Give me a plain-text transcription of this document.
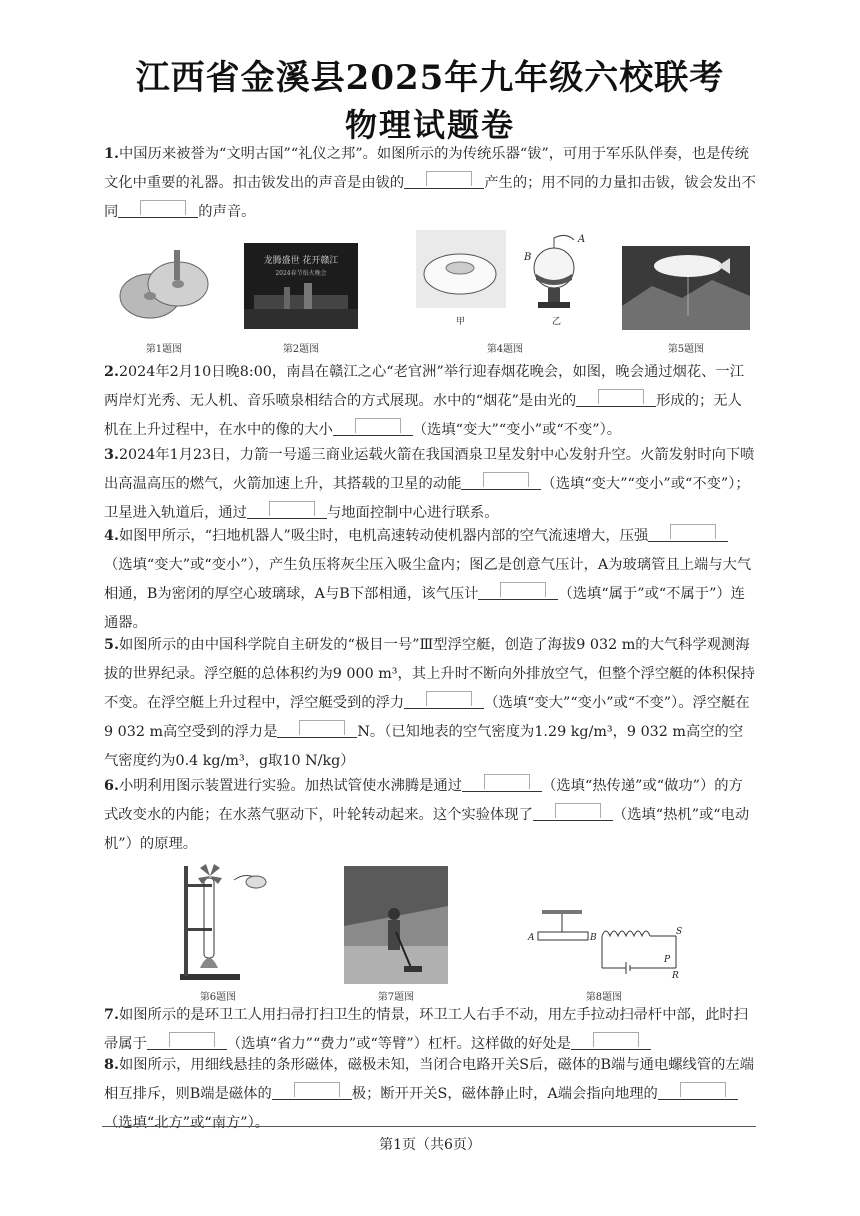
江西省金溪县2025年九年级六校联考
物理试题卷
1.中国历来被誉为“文明古国”“礼仪之邦”。如图所示的为传统乐器“钹”，可用于军乐队伴奏，也是传统文化中重要的礼器。扣击钹发出的声音是由钹的	产生的；用不同的力量扣击钹，钹会发出不同	的声音。
第1题图
龙腾盛世 花开赣江
2024春节焰火晚会
第2题图
B
A
甲	乙
第4题图	第5题图
2.2024年2月10日晚8:00，南昌在赣江之心“老官洲”举行迎春烟花晚会，如图，晚会通过烟花、一江两岸灯光秀、无人机、音乐喷泉相结合的方式展现。水中的“烟花”是由光的	形成的；无人机在上升过程中，在水中的像的大小	（选填“变大”“变小”或“不变”）。
3.2024年1月23日，力箭一号遥三商业运载火箭在我国酒泉卫星发射中心发射升空。火箭发射时向下喷出高温高压的燃气，火箭加速上升，其搭载的卫星的动能	（选填“变大”“变小”或“不变”）；卫星进入轨道后，通过	与地面控制中心进行联系。
4.如图甲所示，“扫地机器人”吸尘时，电机高速转动使机器内部的空气流速增大，压强（选填“变大”或“变小”），产生负压将灰尘压入吸尘盒内；图乙是创意气压计，A为玻璃管且上端与大气相通，B为密闭的厚空心玻璃球，A与B下部相通，该气压计	（选填“属于”或“不属于”）连通器。
5.如图所示的由中国科学院自主研发的“极目一号”Ⅲ型浮空艇，创造了海拔9 032 m的大气科学观测海拔的世界纪录。浮空艇的总体积约为9 000 m³，其上升时不断向外排放空气，但整个浮空艇的体积保持不变。在浮空艇上升过程中，浮空艇受到的浮力	（选填“变大”“变小”或“不变”）。浮空艇在9 032 m高空受到的浮力是	N。（已知地表的空气密度为1.29 kg/m³，9 032 m高空的空气密度约为0.4 kg/m³，g取10 N/kg）
6.小明利用图示装置进行实验。加热试管使水沸腾是通过	（选填“热传递”或“做功”）的方式改变水的内能；在水蒸气驱动下，叶轮转动起来。这个实验体现了	（选填“热机”或“电动机”）的原理。
第6题图	第7题图
A	B
S
P
R
第8题图
7.如图所示的是环卫工人用扫帚打扫卫生的情景，环卫工人右手不动，用左手拉动扫帚杆中部，此时扫帚属于	（选填“省力”“费力”或“等臂”）杠杆。这样做的好处是
8.如图所示，用细线悬挂的条形磁体，磁极未知，当闭合电路开关S后，磁体的B端与通电螺线管的左端相互排斥，则B端是磁体的	极；断开开关S，磁体静止时，A端会指向地理的（选填“北方”或“南方”）。
第1页（共6页）
